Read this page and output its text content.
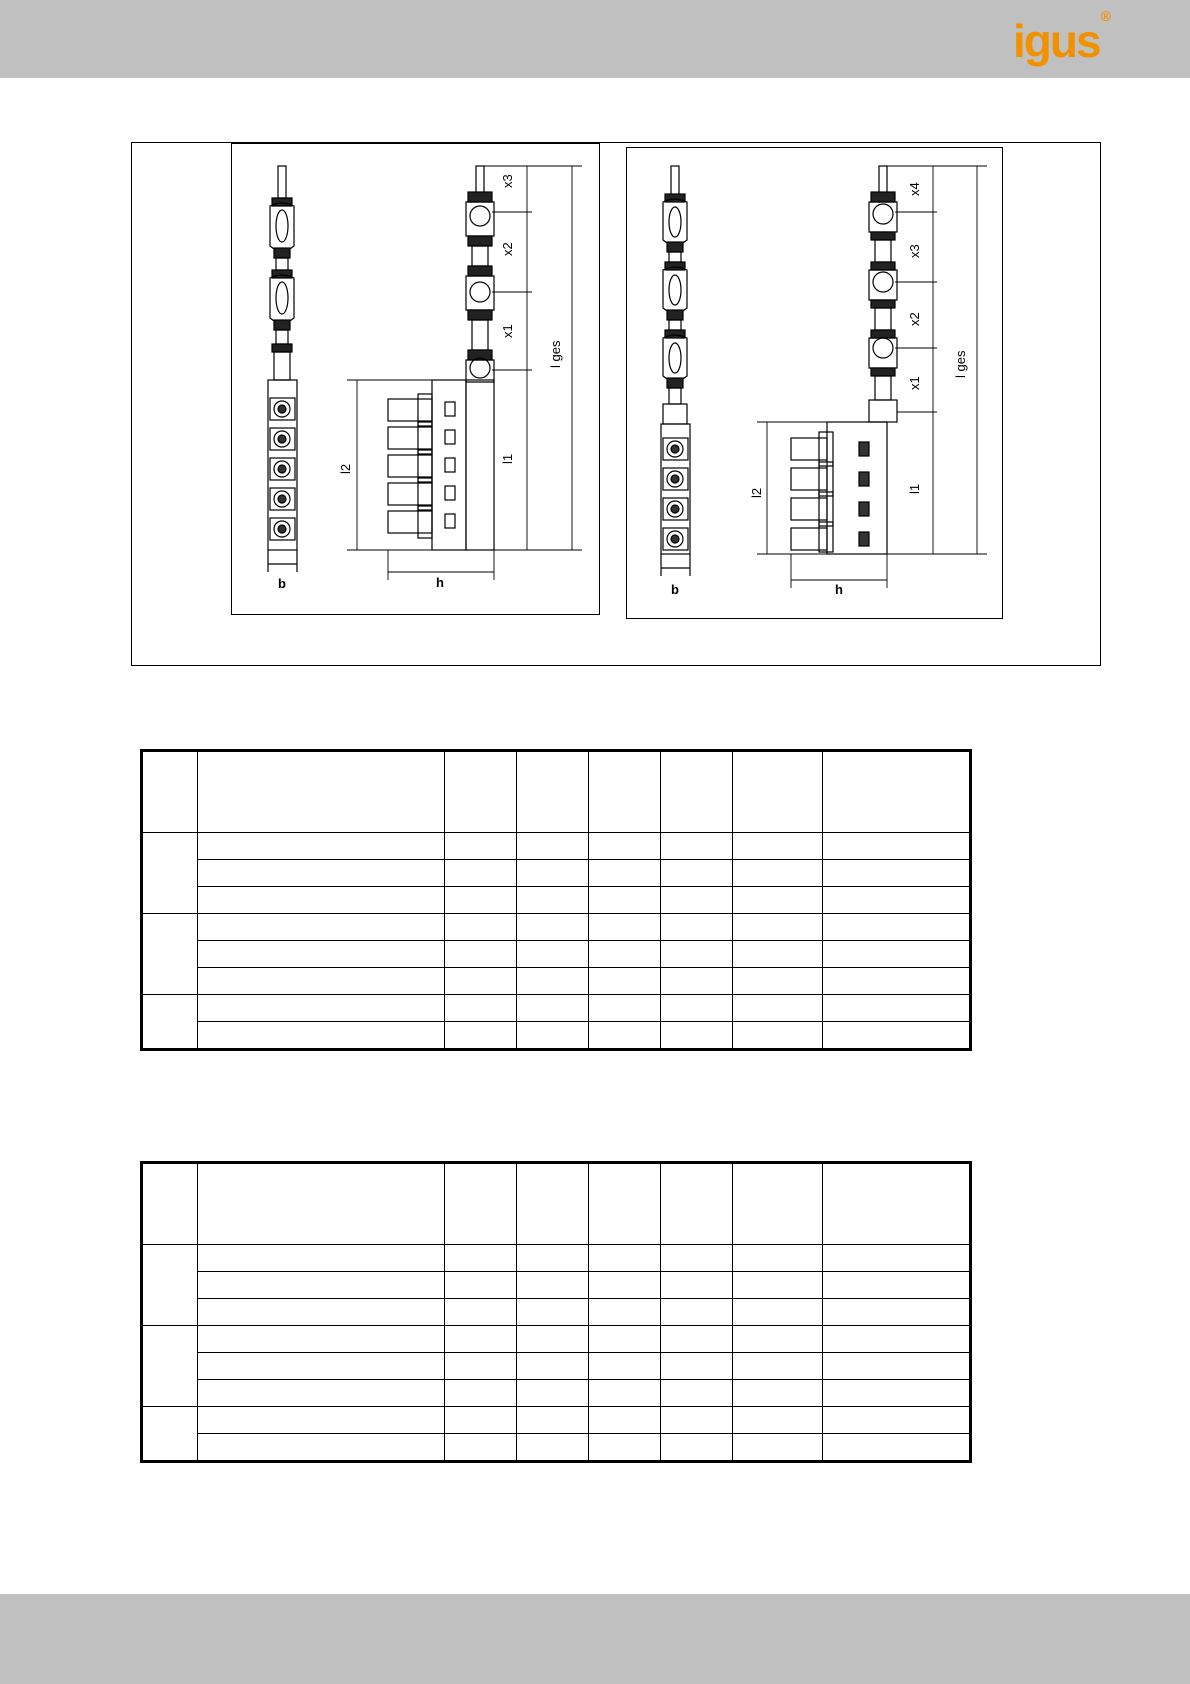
igus®
x3
x2
x1
l1
l ges
l2
b	h
x4
x3
x2
x1
l1
l ges
l2
b	h
